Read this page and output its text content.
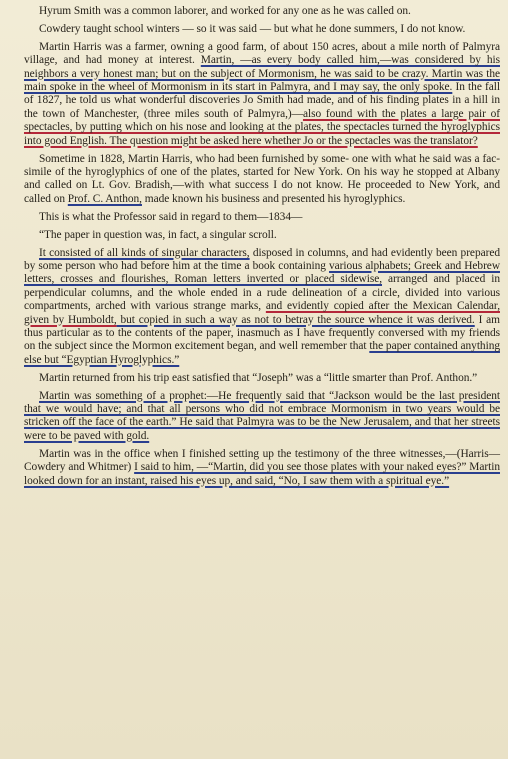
Hyrum Smith was a common laborer, and worked for any one as he was called on.

Cowdery taught school winters — so it was said — but what he done summers, I do not know.

Martin Harris was a farmer, owning a good farm, of about 150 acres, about a mile north of Palmyra village, and had money at interest. Martin, —as every body called him,—was considered by his neighbors a very honest man; but on the subject of Mormonism, he was said to be crazy. Martin was the main spoke in the wheel of Mormonism in its start in Palmyra, and I may say, the only spoke. In the fall of 1827, he told us what wonderful discoveries Jo Smith had made, and of his finding plates in a hill in the town of Manchester, (three miles south of Palmyra,)—also found with the plates a large pair of spectacles, by putting which on his nose and looking at the plates, the spectacles turned the hyroglyphics into good English. The question might be asked here whether Jo or the spectacles was the translator?

Sometime in 1828, Martin Harris, who had been furnished by some- one with what he said was a fac-simile of the hyroglyphics of one of the plates, started for New York. On his way he stopped at Albany and called on Lt. Gov. Bradish,—with what success I do not know. He proceeded to New York, and called on Prof. C. Anthon, made known his business and presented his hyroglyphics.

This is what the Professor said in regard to them—1834—

“The paper in question was, in fact, a singular scroll.

It consisted of all kinds of singular characters, disposed in columns, and had evidently been prepared by some person who had before him at the time a book containing various alphabets; Greek and Hebrew letters, crosses and flourishes, Roman letters inverted or placed sidewise, arranged and placed in perpendicular columns, and the whole ended in a rude delineation of a circle, divided into various compartments, arched with various strange marks, and evidently copied after the Mexican Calendar, given by Humboldt, but copied in such a way as not to betray the source whence it was derived. I am thus particular as to the contents of the paper, inasmuch as I have frequently conversed with my friends on the subject since the Mormon excitement began, and well remember that the paper contained anything else but “Egyptian Hyroglyphics.”

Martin returned from his trip east satisfied that “Joseph” was a “little smarter than Prof. Anthon.”

Martin was something of a prophet:—He frequently said that “Jackson would be the last president that we would have; and that all persons who did not embrace Mormonism in two years would be stricken off the face of the earth.” He said that Palmyra was to be the New Jerusalem, and that her streets were to be paved with gold.

Martin was in the office when I finished setting up the testimony of the three witnesses,—(Harris—Cowdery and Whitmer) I said to him, —“Martin, did you see those plates with your naked eyes?” Martin looked down for an instant, raised his eyes up, and said, “No, I saw them with a spiritual eye.”
